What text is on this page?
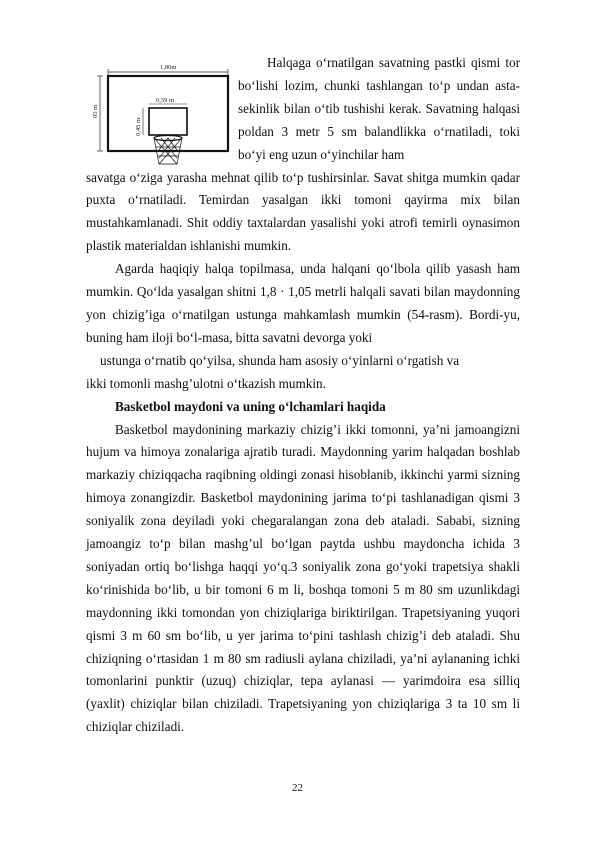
1,80m
05 m
0,59 m
0,45 m

Halqaga o‘rnatilgan savatning pastki qismi tor bo‘lishi lozim, chunki tashlangan to‘p undan asta-sekinlik bilan o‘tib tushishi kerak. Savatning halqasi poldan 3 metr 5 sm balandlikka o‘rnatiladi, toki bo‘yi eng uzun o‘yinchilar ham

savatga o‘ziga yarasha mehnat qilib to‘p tushirsinlar. Savat shitga mumkin qadar puxta o‘rnatiladi. Temirdan yasalgan ikki tomoni qayirma mix bilan mustahkamlanadi. Shit oddiy taxtalardan yasalishi yoki atrofi temirli oynasimon plastik materialdan ishlanishi mumkin.

Agarda haqiqiy halqa topilmasa, unda halqani qo‘lbola qilib yasash ham mumkin. Qo‘lda yasalgan shitni 1,8 · 1,05 metrli halqali savati bilan maydonning yon chizig’iga o‘rnatilgan ustunga mahkamlash mumkin (54-rasm). Bordi-yu, buning ham iloji bo‘l-masa, bitta savatni devorga yoki

ustunga o‘rnatib qo‘yilsa, shunda ham asosiy o‘yinlarni o‘rgatish va

ikki tomonli mashg’ulotni o‘tkazish mumkin.

Basketbol maydoni va uning o‘lchamlari haqida

Basketbol maydonining markaziy chizig’i ikki tomonni, ya’ni jamoangizni hujum va himoya zonalariga ajratib turadi. Maydonning yarim halqadan boshlab markaziy chiziqqacha raqibning oldingi zonasi hisoblanib, ikkinchi yarmi sizning himoya zonangizdir. Basketbol maydonining jarima to‘pi tashlanadigan qismi 3 soniyalik zona deyiladi yoki chegaralangan zona deb ataladi. Sababi, sizning jamoangiz to‘p bilan mashg’ul bo‘lgan paytda ushbu maydoncha ichida 3 soniyadan ortiq bo‘lishga haqqi yo‘q.3 soniyalik zona go‘yoki trapetsiya shakli ko‘rinishida bo‘lib, u bir tomoni 6 m li, boshqa tomoni 5 m 80 sm uzunlikdagi maydonning ikki tomondan yon chiziqlariga biriktirilgan. Trapetsiyaning yuqori qismi 3 m 60 sm bo‘lib, u yer jarima to‘pini tashlash chizig’i deb ataladi. Shu chiziqning o‘rtasidan 1 m 80 sm radiusli aylana chiziladi, ya’ni aylananing ichki tomonlarini punktir (uzuq) chiziqlar, tepa aylanasi — yarimdoira esa silliq (yaxlit) chiziqlar bilan chiziladi. Trapetsiyaning yon chiziqlariga 3 ta 10 sm li chiziqlar chiziladi.

22
